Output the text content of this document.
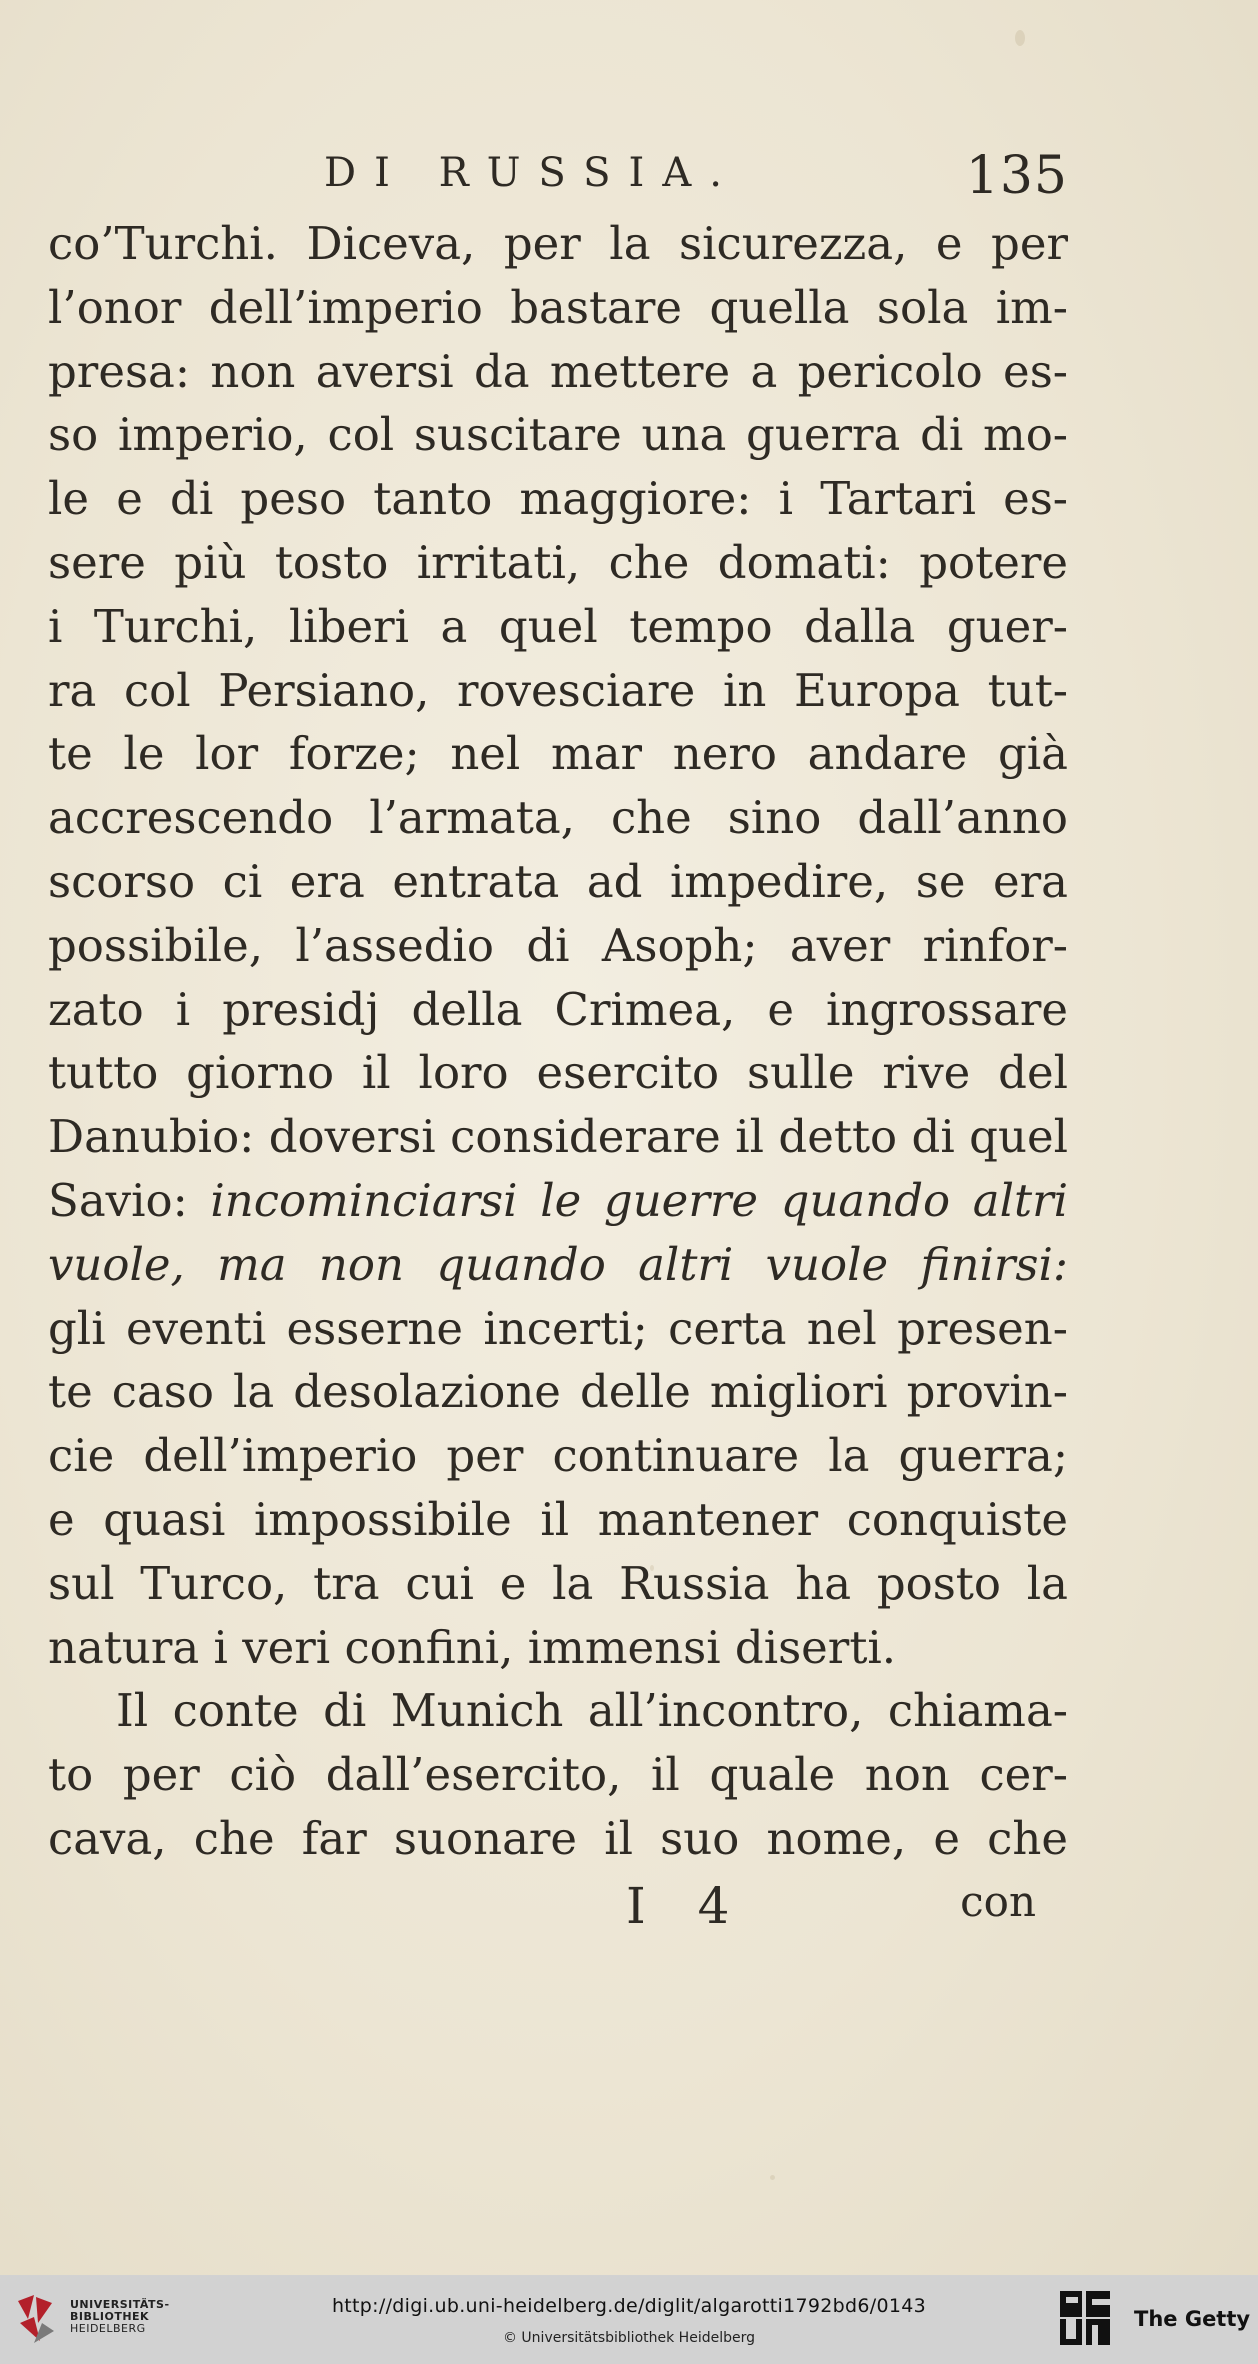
DI RUSSIA.	135
co’Turchi. Diceva, per la sicurezza, e per
l’onor dell’imperio bastare quella sola im-
presa: non aversi da mettere a pericolo es-
so imperio, col suscitare una guerra di mo-
le e di peso tanto maggiore: i Tartari es-
sere più tosto irritati, che domati: potere
i Turchi, liberi a quel tempo dalla guer-
ra col Persiano, rovesciare in Europa tut-
te le lor forze; nel mar nero andare già
accrescendo l’armata, che sino dall’anno
scorso ci era entrata ad impedire, se era
possibile, l’assedio di Asoph; aver rinfor-
zato i presidj della Crimea, e ingrossare
tutto giorno il loro esercito sulle rive del
Danubio: doversi considerare il detto di quel
Savio: incominciarsi le guerre quando altri
vuole, ma non quando altri vuole finirsi:
gli eventi esserne incerti; certa nel presen-
te caso la desolazione delle migliori provin-
cie dell’imperio per continuare la guerra;
e quasi impossibile il mantener conquiste
sul Turco, tra cui e la Russia ha posto la
natura i veri confini, immensi diserti.
Il conte di Munich all’incontro, chiama-
to per ciò dall’esercito, il quale non cer-
cava, che far suonare il suo nome, e che
I 4	con
UNIVERSITÄTS-
BIBLIOTHEK
HEIDELBERG
http://digi.ub.uni-heidelberg.de/diglit/algarotti1792bd6/0143
© Universitätsbibliothek Heidelberg
The Getty
